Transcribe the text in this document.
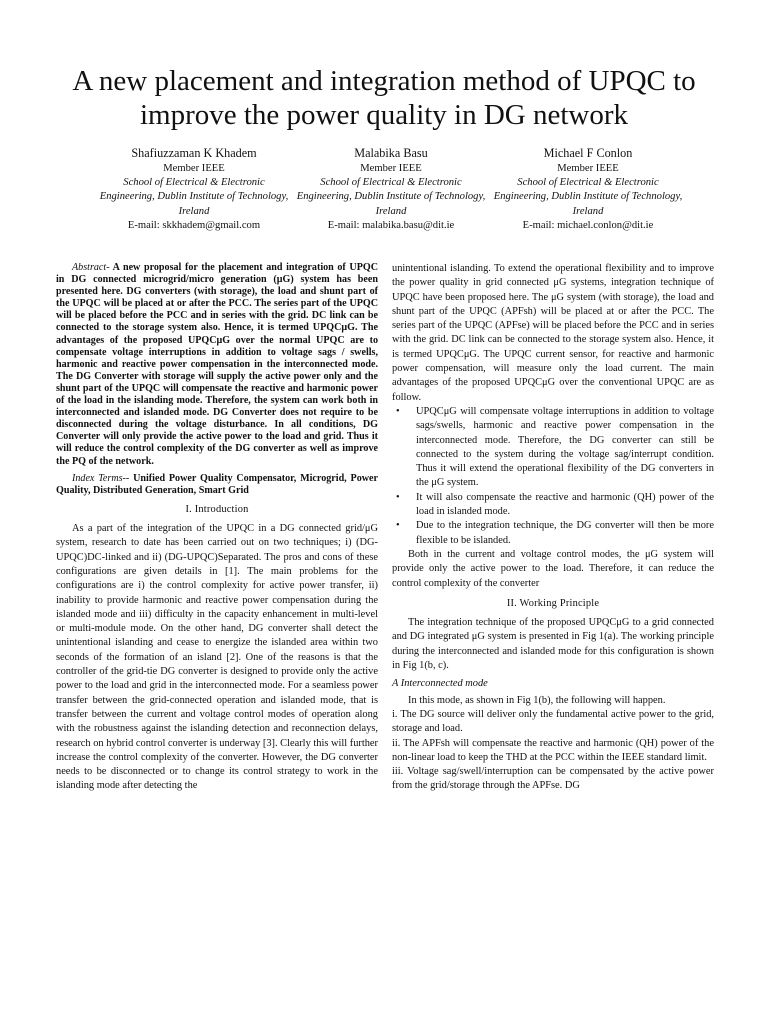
A new placement and integration method of UPQC to improve the power quality in DG network
Shafiuzzaman K Khadem
Member IEEE
School of Electrical & Electronic Engineering, Dublin Institute of Technology, Ireland
E-mail: skkhadem@gmail.com
Malabika Basu
Member IEEE
School of Electrical & Electronic Engineering, Dublin Institute of Technology, Ireland
E-mail: malabika.basu@dit.ie
Michael F Conlon
Member IEEE
School of Electrical & Electronic Engineering, Dublin Institute of Technology, Ireland
E-mail: michael.conlon@dit.ie

Abstract- A new proposal for the placement and integration of UPQC in DG connected microgrid/micro generation (μG) system has been presented here. DG converters (with storage), the load and shunt part of the UPQC will be placed at or after the PCC. The series part of the UPQC will be placed before the PCC and in series with the grid. DC link can be connected to the storage system also. Hence, it is termed UPQCμG. The advantages of the proposed UPQCμG over the normal UPQC are to compensate voltage interruptions in addition to voltage sags / swells, harmonic and reactive power compensation in the interconnected mode. The DG Converter with storage will supply the active power only and the shunt part of the UPQC will compensate the reactive and harmonic power of the load in the islanding mode. Therefore, the system can work both in interconnected and islanded mode. DG Converter does not require to be disconnected during the voltage disturbance. In all conditions, DG Converter will only provide the active power to the load and grid. Thus it will reduce the control complexity of the DG converter as well as improve the PQ of the network.

Index Terms-- Unified Power Quality Compensator, Microgrid, Power Quality, Distributed Generation, Smart Grid

I. Introduction

As a part of the integration of the UPQC in a DG connected grid/μG system, research to date has been carried out on two techniques; i) (DG-UPQC)DC-linked and ii) (DG-UPQC)Separated. The pros and cons of these configurations are given details in [1]. The main problems for the configurations are i) the control complexity for active power transfer, ii) inability to provide harmonic and reactive power compensation during the islanded mode and iii) difficulty in the capacity enhancement in multi-level or multi-module mode. On the other hand, DG converter shall detect the unintentional islanding and cease to energize the islanded area within two seconds of the formation of an island [2]. One of the reasons is that the controller of the grid-tie DG converter is designed to provide only the active power to the load and grid in the interconnected mode. For a seamless power transfer between the grid-connected operation and islanded mode, that is transfer between the current and voltage control modes of operation along with the robustness against the islanding detection and reconnection delays, research on hybrid control converter is underway [3]. Clearly this will further increase the control complexity of the converter. However, the DG converter needs to be disconnected or to change its control strategy to work in the islanding mode after detecting the

unintentional islanding. To extend the operational flexibility and to improve the power quality in grid connected μG systems, integration technique of UPQC have been proposed here. The μG system (with storage), the load and shunt part of the UPQC (APFsh) will be placed at or after the PCC. The series part of the UPQC (APFse) will be placed before the PCC and in series with the grid. DC link can be connected to the storage system also. Hence, it is termed UPQCμG. The UPQC current sensor, for reactive and harmonic power compensation, will measure only the load current. The main advantages of the proposed UPQCμG over the conventional UPQC are as follow.

• UPQCμG will compensate voltage interruptions in addition to voltage sags/swells, harmonic and reactive power compensation in the interconnected mode. Therefore, the DG converter can still be connected to the system during the voltage sag/interrupt condition. Thus it will extend the operational flexibility of the DG converters in the μG system.
• It will also compensate the reactive and harmonic (QH) power of the load in islanded mode.
• Due to the integration technique, the DG converter will then be more flexible to be islanded.

Both in the current and voltage control modes, the μG system will provide only the active power to the load. Therefore, it can reduce the control complexity of the converter

II. Working Principle

The integration technique of the proposed UPQCμG to a grid connected and DG integrated μG system is presented in Fig 1(a). The working principle during the interconnected and islanded mode for this configuration is shown in Fig 1(b, c).

A Interconnected mode

In this mode, as shown in Fig 1(b), the following will happen.

i. The DG source will deliver only the fundamental active power to the grid, storage and load.

ii. The APFsh will compensate the reactive and harmonic (QH) power of the non-linear load to keep the THD at the PCC within the IEEE standard limit.

iii. Voltage sag/swell/interruption can be compensated by the active power from the grid/storage through the APFse. DG
